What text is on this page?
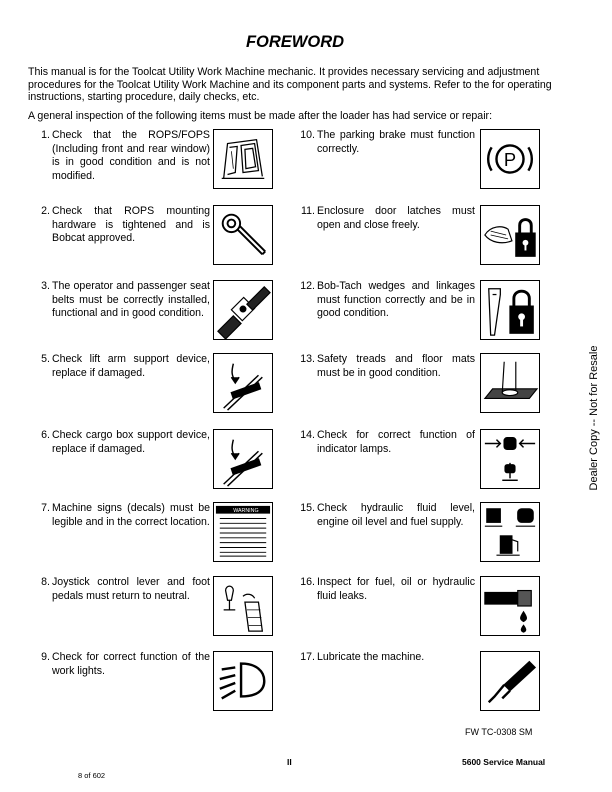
FOREWORD

This manual is for the Toolcat Utility Work Machine mechanic. It provides necessary servicing and adjustment procedures for the Toolcat Utility Work Machine and its component parts and systems. Refer to the for operating instructions, starting procedure, daily checks, etc.

A general inspection of the following items must be made after the loader has had service or repair:

1. Check that the ROPS/FOPS (Including front and rear window) is in good condition and is not modified.
2. Check that ROPS mounting hardware is tightened and is Bobcat approved.
3. The operator and passenger seat belts must be correctly installed, functional and in good condition.
5. Check lift arm support device, replace if damaged.
6. Check cargo box support device, replace if damaged.
7. Machine signs (decals) must be legible and in the correct location.
8. Joystick control lever and foot pedals must return to neutral.
9. Check for correct function of the work lights.
10. The parking brake must function correctly.
11. Enclosure door latches must open and close freely.
12. Bob-Tach wedges and linkages must function correctly and be in good condition.
13. Safety treads and floor mats must be in good condition.
14. Check for correct function of indicator lamps.
15. Check hydraulic fluid level, engine oil level and fuel supply.
16. Inspect for fuel, oil or hydraulic fluid leaks.
17. Lubricate the machine.
WARNING
P
Dealer Copy -- Not for Resale
FW TC-0308 SM
II	5600 Service Manual
8 of 602
